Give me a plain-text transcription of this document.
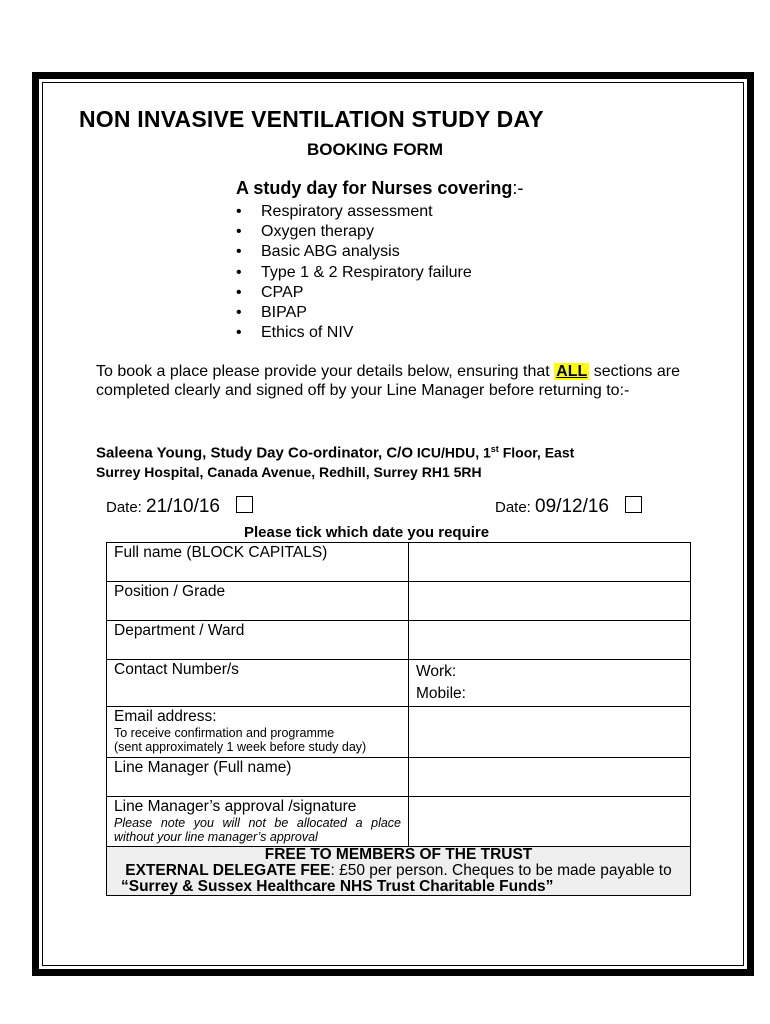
NON INVASIVE VENTILATION STUDY DAY
BOOKING FORM
A study day for Nurses covering:-
• Respiratory assessment
• Oxygen therapy
• Basic ABG analysis
• Type 1 & 2 Respiratory failure
• CPAP
• BIPAP
• Ethics of NIV
To book a place please provide your details below, ensuring that ALL sections are completed clearly and signed off by your Line Manager before returning to:-
Saleena Young, Study Day Co-ordinator, C/O ICU/HDU, 1st Floor, East
Surrey Hospital, Canada Avenue, Redhill, Surrey RH1 5RH
Date: 21/10/16	Date: 09/12/16
Please tick which date you require
Full name (BLOCK CAPITALS)	
Position / Grade	
Department / Ward	
Contact Number/s	Work:
Mobile:

Email address:
To receive confirmation and programme
(sent approximately 1 week before study day)	

Line Manager (Full name)	

Line Manager’s approval /signature
Please note you will not be allocated a place without your line manager’s approval	

FREE TO MEMBERS OF THE TRUST
EXTERNAL DELEGATE FEE: £50 per person. Cheques to be made payable to
“Surrey & Sussex Healthcare NHS Trust Charitable Funds”	
